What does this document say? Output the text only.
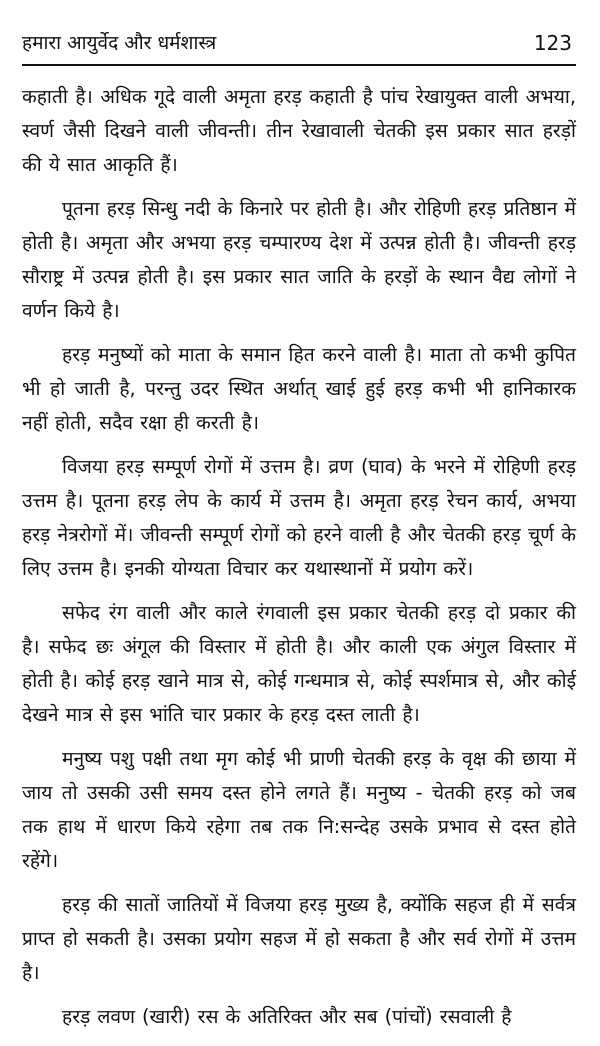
हमारा आयुर्वेद और धर्मशास्त्र	123

कहाती है। अधिक गूदे वाली अमृता हरड़ कहाती है पांच रेखायुक्त वाली अभया, स्वर्ण जैसी दिखने वाली जीवन्ती। तीन रेखावाली चेतकी इस प्रकार सात हरड़ों की ये सात आकृति हैं।

पूतना हरड़ सिन्धु नदी के किनारे पर होती है। और रोहिणी हरड़ प्रतिष्ठान में होती है। अमृता और अभया हरड़ चम्पारण्य देश में उत्पन्न होती है। जीवन्ती हरड़ सौराष्ट्र में उत्पन्न होती है। इस प्रकार सात जाति के हरड़ों के स्थान वैद्य लोगों ने वर्णन किये है।

हरड़ मनुष्यों को माता के समान हित करने वाली है। माता तो कभी कुपित भी हो जाती है, परन्तु उदर स्थित अर्थात् खाई हुई हरड़ कभी भी हानिकारक नहीं होती, सदैव रक्षा ही करती है।

विजया हरड़ सम्पूर्ण रोगों में उत्तम है। व्रण (घाव) के भरने में रोहिणी हरड़ उत्तम है। पूतना हरड़ लेप के कार्य में उत्तम है। अमृता हरड़ रेचन कार्य, अभया हरड़ नेत्ररोगों में। जीवन्ती सम्पूर्ण रोगों को हरने वाली है और चेतकी हरड़ चूर्ण के लिए उत्तम है। इनकी योग्यता विचार कर यथास्थानों में प्रयोग करें।

सफेद रंग वाली और काले रंगवाली इस प्रकार चेतकी हरड़ दो प्रकार की है। सफेद छः अंगूल की विस्तार में होती है। और काली एक अंगुल विस्तार में होती है। कोई हरड़ खाने मात्र से, कोई गन्धमात्र से, कोई स्पर्शमात्र से, और कोई देखने मात्र से इस भांति चार प्रकार के हरड़ दस्त लाती है।

मनुष्य पशु पक्षी तथा मृग कोई भी प्राणी चेतकी हरड़ के वृक्ष की छाया में जाय तो उसकी उसी समय दस्त होने लगते हैं। मनुष्य - चेतकी हरड़ को जब तक हाथ में धारण किये रहेगा तब तक नि:सन्देह उसके प्रभाव से दस्त होते रहेंगे।

हरड़ की सातों जातियों में विजया हरड़ मुख्य है, क्योंकि सहज ही में सर्वत्र प्राप्त हो सकती है। उसका प्रयोग सहज में हो सकता है और सर्व रोगों में उत्तम है।

हरड़ लवण (खारी) रस के अतिरिक्त और सब (पांचों) रसवाली है
